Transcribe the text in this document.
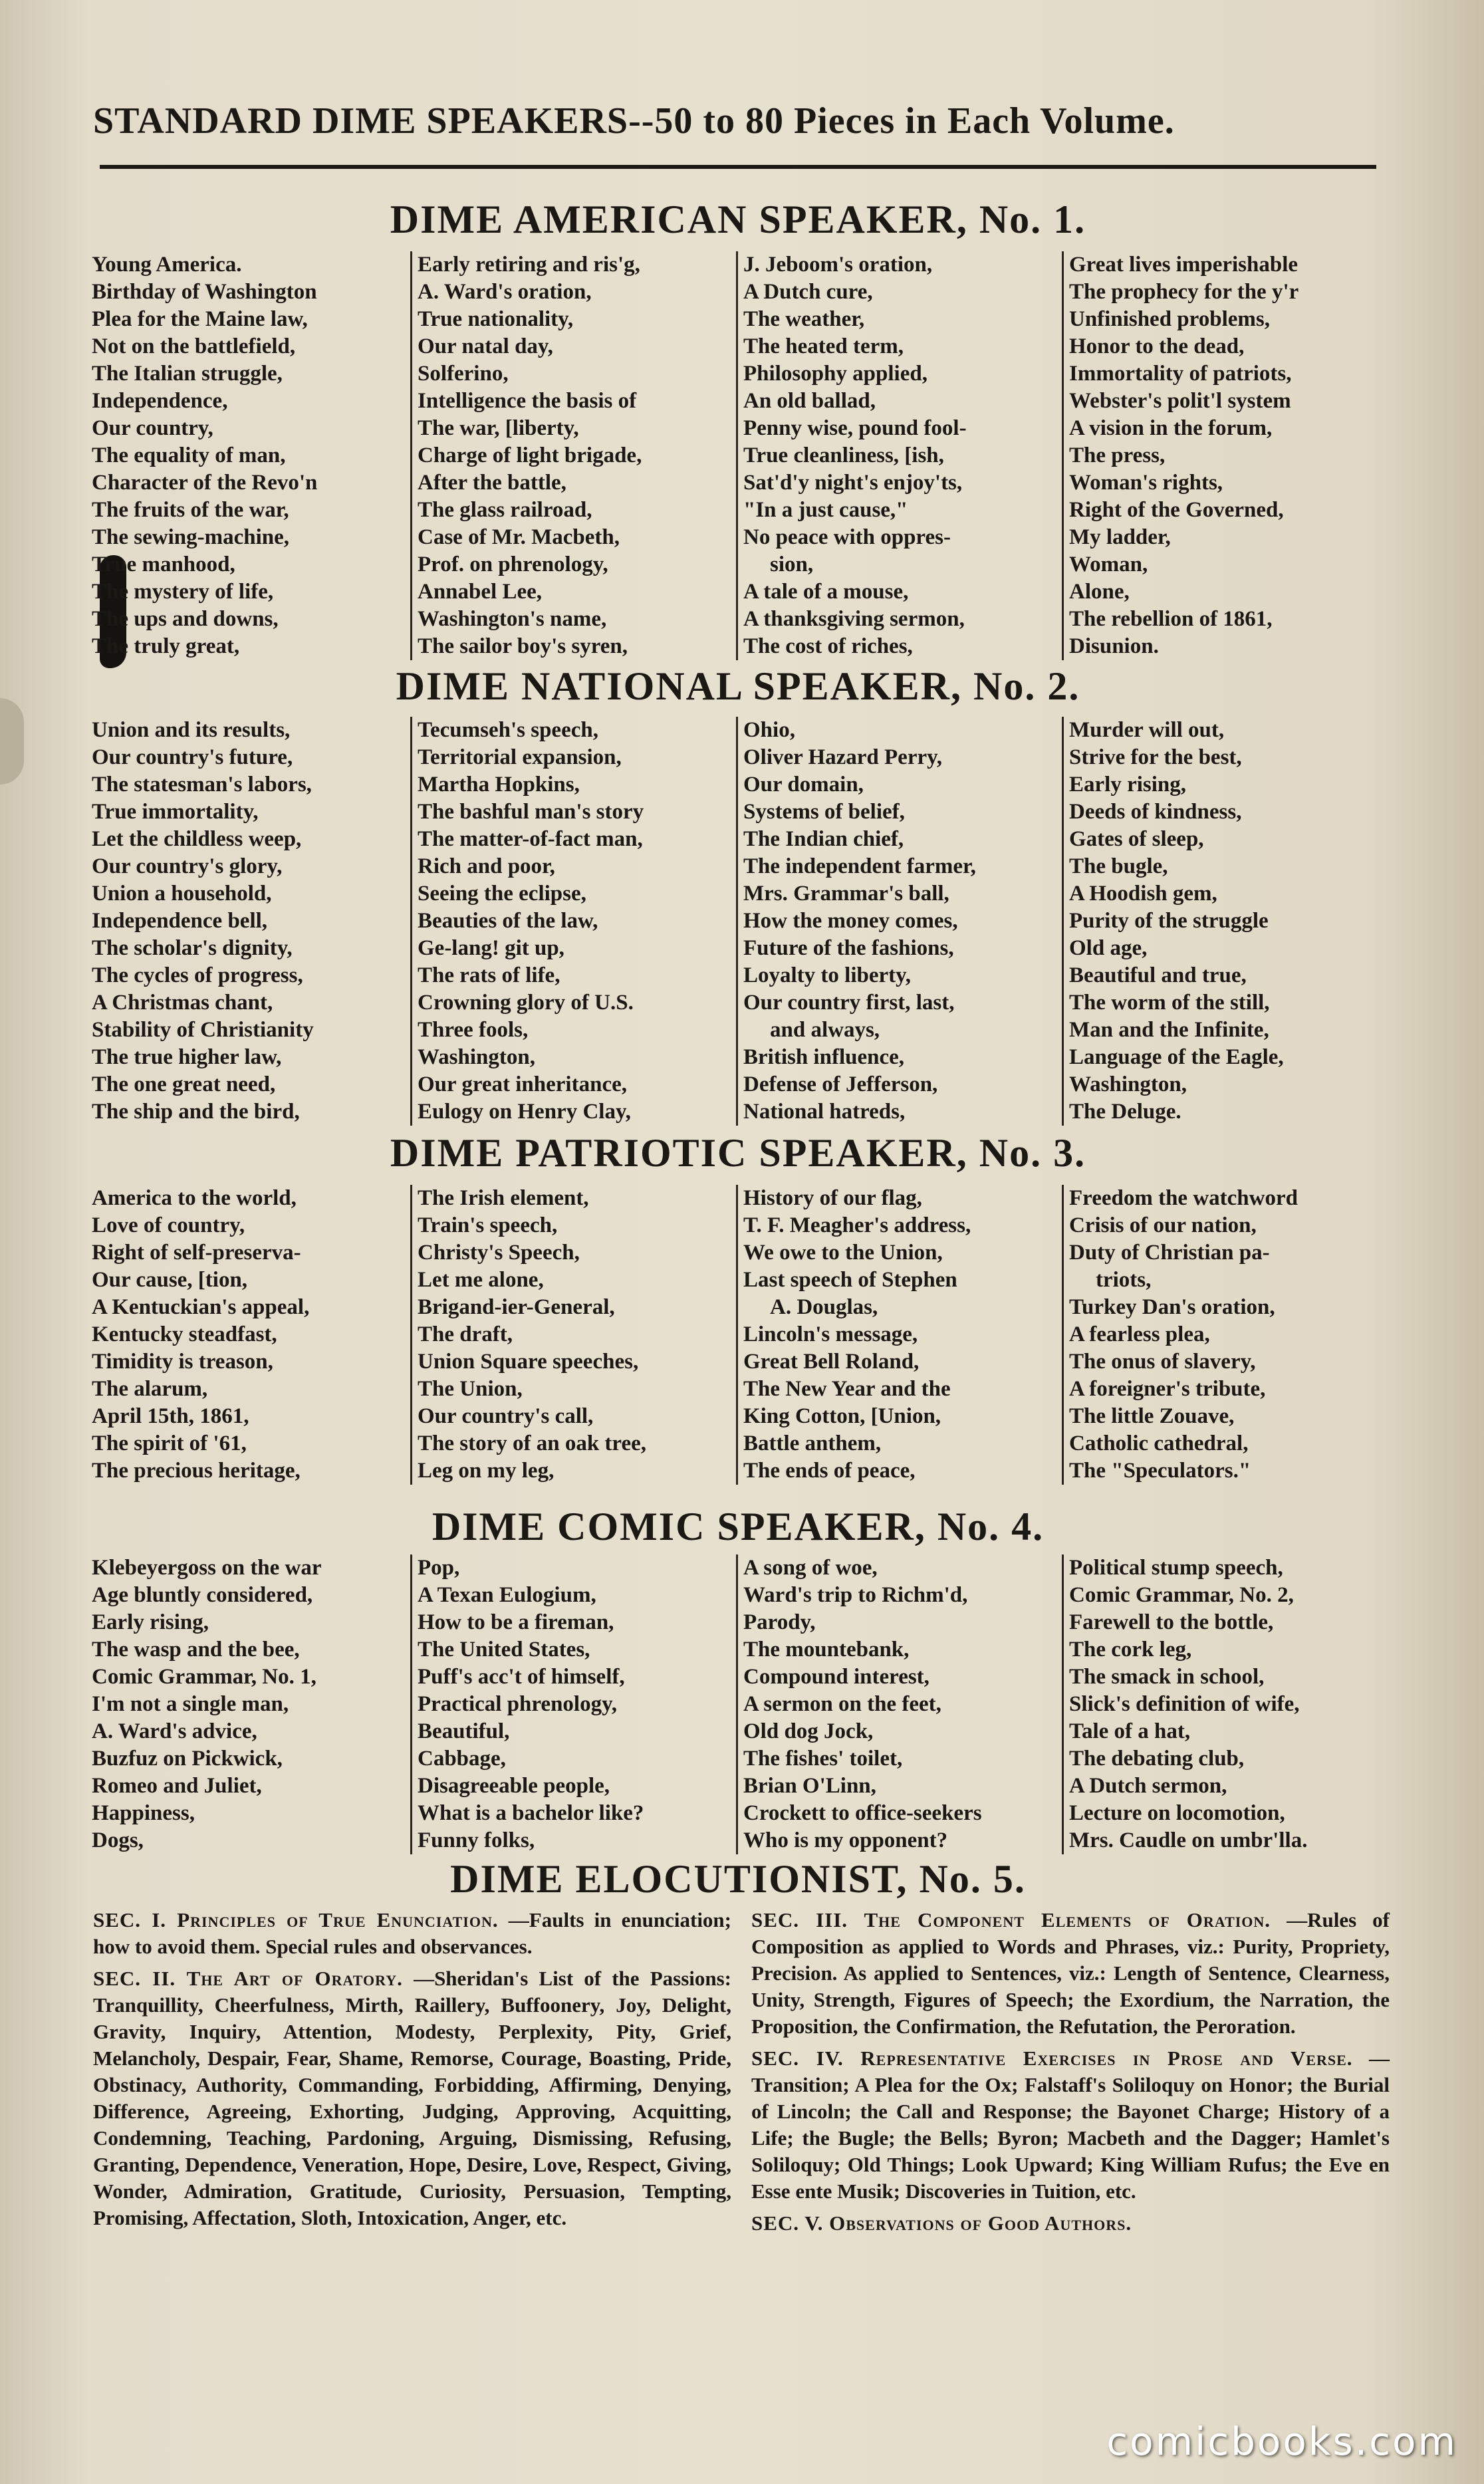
STANDARD DIME SPEAKERS--50 to 80 Pieces in Each Volume.
DIME AMERICAN SPEAKER, No. 1.
Young America.
Birthday of Washington
Plea for the Maine law,
Not on the battlefield,
The Italian struggle,
Independence,
Our country,
The equality of man,
Character of the Revo'n
The fruits of the war,
The sewing-machine,
True manhood,
The mystery of life,
The ups and downs,
The truly great,
Early retiring and ris'g,
A. Ward's oration,
True nationality,
Our natal day,
Solferino,
Intelligence the basis of
The war, [liberty,
Charge of light brigade,
After the battle,
The glass railroad,
Case of Mr. Macbeth,
Prof. on phrenology,
Annabel Lee,
Washington's name,
The sailor boy's syren,
J. Jeboom's oration,
A Dutch cure,
The weather,
The heated term,
Philosophy applied,
An old ballad,
Penny wise, pound fool-
True cleanliness, [ish,
Sat'd'y night's enjoy'ts,
"In a just cause,"
No peace with oppres-
sion,
A tale of a mouse,
A thanksgiving sermon,
The cost of riches,
Great lives imperishable
The prophecy for the y'r
Unfinished problems,
Honor to the dead,
Immortality of patriots,
Webster's polit'l system
A vision in the forum,
The press,
Woman's rights,
Right of the Governed,
My ladder,
Woman,
Alone,
The rebellion of 1861,
Disunion.
DIME NATIONAL SPEAKER, No. 2.
Union and its results,
Our country's future,
The statesman's labors,
True immortality,
Let the childless weep,
Our country's glory,
Union a household,
Independence bell,
The scholar's dignity,
The cycles of progress,
A Christmas chant,
Stability of Christianity
The true higher law,
The one great need,
The ship and the bird,
Tecumseh's speech,
Territorial expansion,
Martha Hopkins,
The bashful man's story
The matter-of-fact man,
Rich and poor,
Seeing the eclipse,
Beauties of the law,
Ge-lang! git up,
The rats of life,
Crowning glory of U.S.
Three fools,
Washington,
Our great inheritance,
Eulogy on Henry Clay,
Ohio,
Oliver Hazard Perry,
Our domain,
Systems of belief,
The Indian chief,
The independent farmer,
Mrs. Grammar's ball,
How the money comes,
Future of the fashions,
Loyalty to liberty,
Our country first, last,
and always,
British influence,
Defense of Jefferson,
National hatreds,
Murder will out,
Strive for the best,
Early rising,
Deeds of kindness,
Gates of sleep,
The bugle,
A Hoodish gem,
Purity of the struggle
Old age,
Beautiful and true,
The worm of the still,
Man and the Infinite,
Language of the Eagle,
Washington,
The Deluge.
DIME PATRIOTIC SPEAKER, No. 3.
America to the world,
Love of country,
Right of self-preserva-
Our cause, [tion,
A Kentuckian's appeal,
Kentucky steadfast,
Timidity is treason,
The alarum,
April 15th, 1861,
The spirit of '61,
The precious heritage,
The Irish element,
Train's speech,
Christy's Speech,
Let me alone,
Brigand-ier-General,
The draft,
Union Square speeches,
The Union,
Our country's call,
The story of an oak tree,
Leg on my leg,
History of our flag,
T. F. Meagher's address,
We owe to the Union,
Last speech of Stephen
A. Douglas,
Lincoln's message,
Great Bell Roland,
The New Year and the
King Cotton, [Union,
Battle anthem,
The ends of peace,
Freedom the watchword
Crisis of our nation,
Duty of Christian pa-
triots,
Turkey Dan's oration,
A fearless plea,
The onus of slavery,
A foreigner's tribute,
The little Zouave,
Catholic cathedral,
The "Speculators."
DIME COMIC SPEAKER, No. 4.
Klebeyergoss on the war
Age bluntly considered,
Early rising,
The wasp and the bee,
Comic Grammar, No. 1,
I'm not a single man,
A. Ward's advice,
Buzfuz on Pickwick,
Romeo and Juliet,
Happiness,
Dogs,
Pop,
A Texan Eulogium,
How to be a fireman,
The United States,
Puff's acc't of himself,
Practical phrenology,
Beautiful,
Cabbage,
Disagreeable people,
What is a bachelor like?
Funny folks,
A song of woe,
Ward's trip to Richm'd,
Parody,
The mountebank,
Compound interest,
A sermon on the feet,
Old dog Jock,
The fishes' toilet,
Brian O'Linn,
Crockett to office-seekers
Who is my opponent?
Political stump speech,
Comic Grammar, No. 2,
Farewell to the bottle,
The cork leg,
The smack in school,
Slick's definition of wife,
Tale of a hat,
The debating club,
A Dutch sermon,
Lecture on locomotion,
Mrs. Caudle on umbr'lla.
DIME ELOCUTIONIST, No. 5.

SEC. I. Principles of True Enunciation. —Faults in enunciation; how to avoid them. Special rules and observances.

SEC. II. The Art of Oratory. —Sheridan's List of the Passions: Tranquillity, Cheerfulness, Mirth, Raillery, Buffoonery, Joy, Delight, Gravity, Inquiry, Attention, Modesty, Perplexity, Pity, Grief, Melancholy, Despair, Fear, Shame, Remorse, Courage, Boasting, Pride, Obstinacy, Authority, Commanding, Forbidding, Affirming, Denying, Difference, Agreeing, Exhorting, Judging, Approving, Acquitting, Condemning, Teaching, Pardoning, Arguing, Dismissing, Refusing, Granting, Dependence, Veneration, Hope, Desire, Love, Respect, Giving, Wonder, Admiration, Gratitude, Curiosity, Persuasion, Tempting, Promising, Affectation, Sloth, Intoxication, Anger, etc.

SEC. III. The Component Elements of Oration. —Rules of Composition as applied to Words and Phrases, viz.: Purity, Propriety, Precision. As applied to Sentences, viz.: Length of Sentence, Clearness, Unity, Strength, Figures of Speech; the Exordium, the Narration, the Proposition, the Confirmation, the Refutation, the Peroration.

SEC. IV. Representative Exercises in Prose and Verse. —Transition; A Plea for the Ox; Falstaff's Soliloquy on Honor; the Burial of Lincoln; the Call and Response; the Bayonet Charge; History of a Life; the Bugle; the Bells; Byron; Macbeth and the Dagger; Hamlet's Soliloquy; Old Things; Look Upward; King William Rufus; the Eve en Esse ente Musik; Discoveries in Tuition, etc.

SEC. V. Observations of Good Authors.

comicbooks.com
